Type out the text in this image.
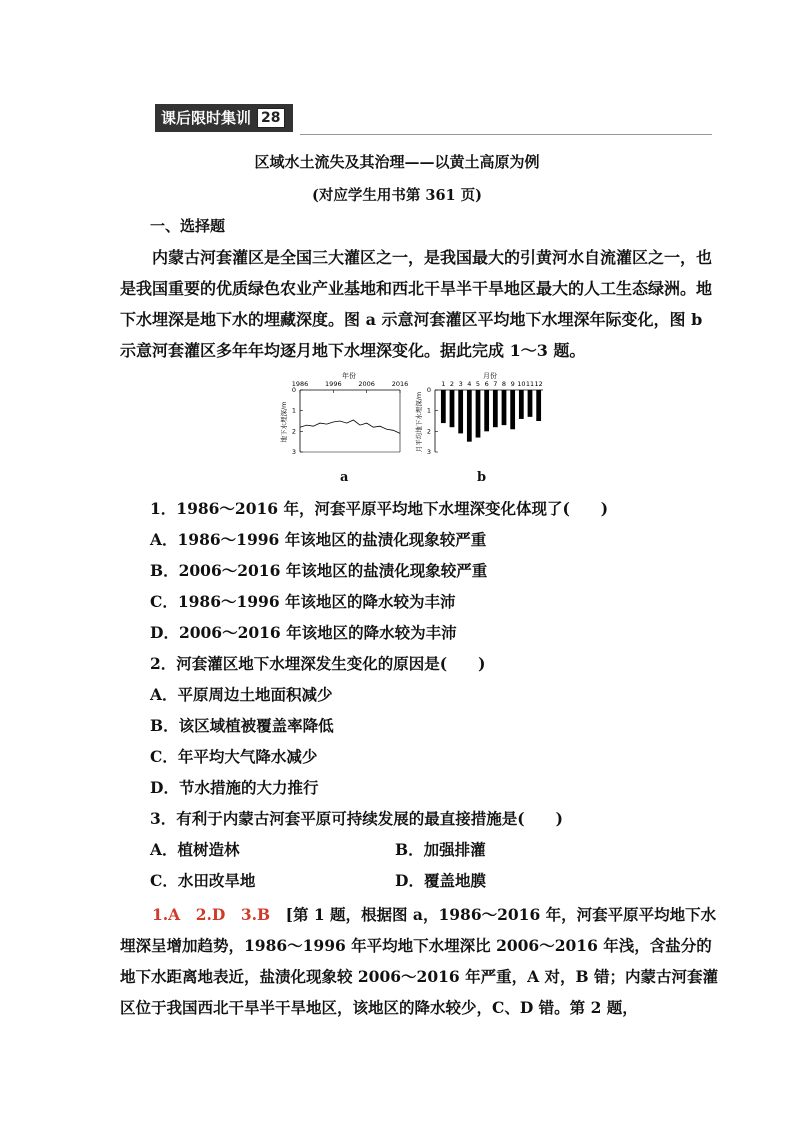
课后限时集训 28
区域水土流失及其治理——以黄土高原为例
(对应学生用书第 361 页)
一、选择题

内蒙古河套灌区是全国三大灌区之一，是我国最大的引黄河水自流灌区之一，也是我国重要的优质绿色农业产业基地和西北干旱半干旱地区最大的人工生态绿洲。地下水埋深是地下水的埋藏深度。图 a 示意河套灌区平均地下水埋深年际变化，图 b 示意河套灌区多年年均逐月地下水埋深变化。据此完成 1～3 题。

年份
1986	1996	2006	2016
0
1
2
3
地下水埋深/m
a
月份
1 2 3 4 5 6 7 8 9 10 11 12
0
1
2
3
月平均地下水埋深/m
b
1．1986～2016 年，河套平原平均地下水埋深变化体现了(　　)
A．1986～1996 年该地区的盐渍化现象较严重
B．2006～2016 年该地区的盐渍化现象较严重
C．1986～1996 年该地区的降水较为丰沛
D．2006～2016 年该地区的降水较为丰沛
2．河套灌区地下水埋深发生变化的原因是(　　)
A．平原周边土地面积减少
B．该区域植被覆盖率降低
C．年平均大气降水减少
D．节水措施的大力推行
3．有利于内蒙古河套平原可持续发展的最直接措施是(　　)
A．植树造林	B．加强排灌
C．水田改旱地	D．覆盖地膜

1.A　2.D　3.B　[第 1 题，根据图 a，1986～2016 年，河套平原平均地下水埋深呈增加趋势，1986～1996 年平均地下水埋深比 2006～2016 年浅，含盐分的地下水距离地表近，盐渍化现象较 2006～2016 年严重，A 对，B 错；内蒙古河套灌区位于我国西北干旱半干旱地区，该地区的降水较少，C、D 错。第 2 题，
